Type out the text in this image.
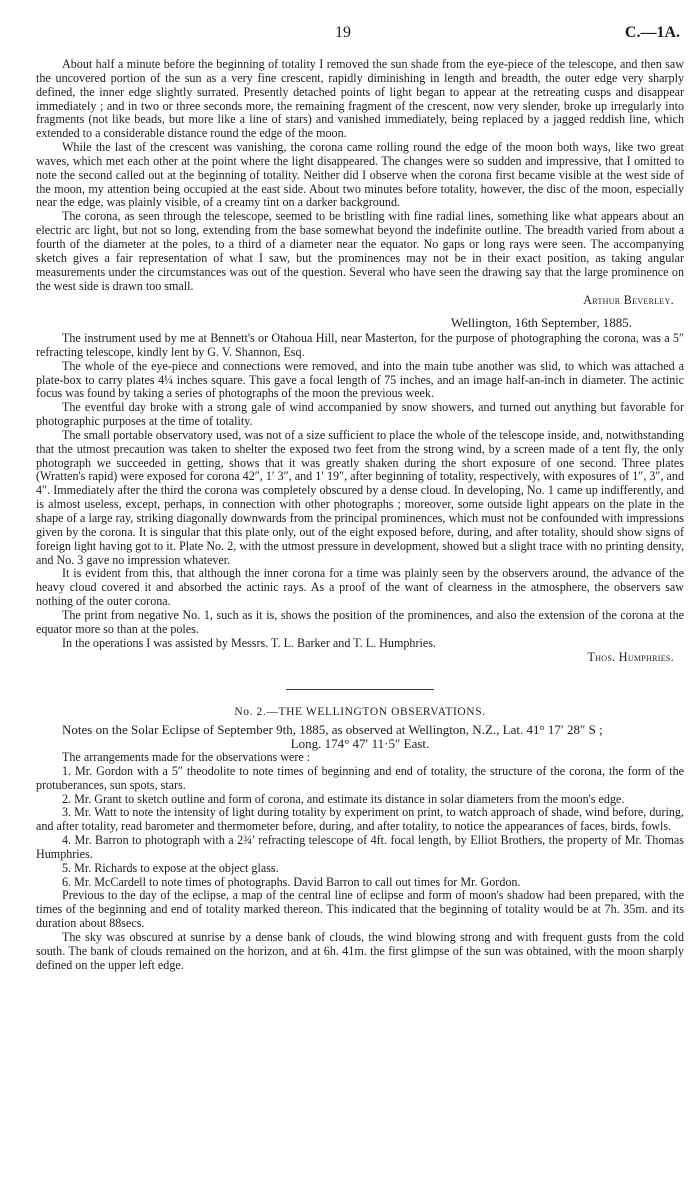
19	C.—1A.

About half a minute before the beginning of totality I removed the sun shade from the eye-piece of the telescope, and then saw the uncovered portion of the sun as a very fine crescent, rapidly diminishing in length and breadth, the outer edge very sharply defined, the inner edge slightly surrated. Presently detached points of light began to appear at the retreating cusps and disappear immediately ; and in two or three seconds more, the remaining fragment of the crescent, now very slender, broke up irregularly into fragments (not like beads, but more like a line of stars) and vanished immediately, being replaced by a jagged reddish line, which extended to a considerable distance round the edge of the moon.

While the last of the crescent was vanishing, the corona came rolling round the edge of the moon both ways, like two great waves, which met each other at the point where the light disappeared. The changes were so sudden and impressive, that I omitted to note the second called out at the beginning of totality. Neither did I observe when the corona first became visible at the west side of the moon, my attention being occupied at the east side. About two minutes before totality, however, the disc of the moon, especially near the edge, was plainly visible, of a creamy tint on a darker background.

The corona, as seen through the telescope, seemed to be bristling with fine radial lines, something like what appears about an electric arc light, but not so long, extending from the base somewhat beyond the indefinite outline. The breadth varied from about a fourth of the diameter at the poles, to a third of a diameter near the equator. No gaps or long rays were seen. The accompanying sketch gives a fair representation of what I saw, but the prominences may not be in their exact position, as taking angular measurements under the circumstances was out of the question. Several who have seen the drawing say that the large prominence on the west side is drawn too small.

Arthur Beverley.

Wellington, 16th September, 1885.

The instrument used by me at Bennett's or Otahoua Hill, near Masterton, for the purpose of photographing the corona, was a 5″ refracting telescope, kindly lent by G. V. Shannon, Esq.

The whole of the eye-piece and connections were removed, and into the main tube another was slid, to which was attached a plate-box to carry plates 4¼ inches square. This gave a focal length of 75 inches, and an image half-an-inch in diameter. The actinic focus was found by taking a series of photographs of the moon the previous week.

The eventful day broke with a strong gale of wind accompanied by snow showers, and turned out anything but favorable for photographic purposes at the time of totality.

The small portable observatory used, was not of a size sufficient to place the whole of the telescope inside, and, notwithstanding that the utmost precaution was taken to shelter the exposed two feet from the strong wind, by a screen made of a tent fly, the only photograph we succeeded in getting, shows that it was greatly shaken during the short exposure of one second. Three plates (Wratten's rapid) were exposed for corona 42″, 1′ 3″, and 1′ 19″, after beginning of totality, respectively, with exposures of 1″, 3″, and 4″. Immediately after the third the corona was completely obscured by a dense cloud. In developing, No. 1 came up indifferently, and is almost useless, except, perhaps, in connection with other photographs ; moreover, some outside light appears on the plate in the shape of a large ray, striking diagonally downwards from the principal prominences, which must not be confounded with impressions given by the corona. It is singular that this plate only, out of the eight exposed before, during, and after totality, should show signs of foreign light having got to it. Plate No. 2, with the utmost pressure in development, showed but a slight trace with no printing density, and No. 3 gave no impression whatever.

It is evident from this, that although the inner corona for a time was plainly seen by the observers around, the advance of the heavy cloud covered it and absorbed the actinic rays. As a proof of the want of clearness in the atmosphere, the observers saw nothing of the outer corona.

The print from negative No. 1, such as it is, shows the position of the prominences, and also the extension of the corona at the equator more so than at the poles.

In the operations I was assisted by Messrs. T. L. Barker and T. L. Humphries.

Thos. Humphries.

No. 2.—THE WELLINGTON OBSERVATIONS.

Notes on the Solar Eclipse of September 9th, 1885, as observed at Wellington, N.Z., Lat. 41° 17′ 28″ S ;

Long. 174° 47′ 11·5″ East.

The arrangements made for the observations were :

1. Mr. Gordon with a 5″ theodolite to note times of beginning and end of totality, the structure of the corona, the form of the protuberances, sun spots, stars.

2. Mr. Grant to sketch outline and form of corona, and estimate its distance in solar diameters from the moon's edge.

3. Mr. Watt to note the intensity of light during totality by experiment on print, to watch approach of shade, wind before, during, and after totality, read barometer and thermometer before, during, and after totality, to notice the appearances of faces, birds, fowls.

4. Mr. Barron to photograph with a 2¾′ refracting telescope of 4ft. focal length, by Elliot Brothers, the property of Mr. Thomas Humphries.

5. Mr. Richards to expose at the object glass.

6. Mr. McCardell to note times of photographs. David Barron to call out times for Mr. Gordon.

Previous to the day of the eclipse, a map of the central line of eclipse and form of moon's shadow had been prepared, with the times of the beginning and end of totality marked thereon. This indicated that the beginning of totality would be at 7h. 35m. and its duration about 88secs.

The sky was obscured at sunrise by a dense bank of clouds, the wind blowing strong and with frequent gusts from the cold south. The bank of clouds remained on the horizon, and at 6h. 41m. the first glimpse of the sun was obtained, with the moon sharply defined on the upper left edge.
